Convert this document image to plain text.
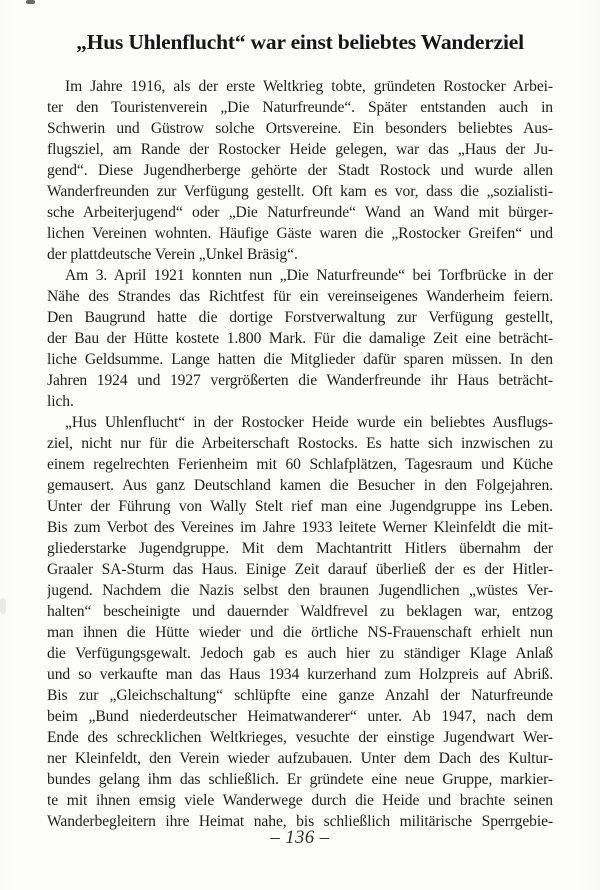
„Hus Uhlenflucht“ war einst beliebtes Wanderziel
Im Jahre 1916, als der erste Weltkrieg tobte, gründeten Rostocker Arbei-
ter den Touristenverein „Die Naturfreunde“. Später entstanden auch in
Schwerin und Güstrow solche Ortsvereine. Ein besonders beliebtes Aus-
flugsziel, am Rande der Rostocker Heide gelegen, war das „Haus der Ju-
gend“. Diese Jugendherberge gehörte der Stadt Rostock und wurde allen
Wanderfreunden zur Verfügung gestellt. Oft kam es vor, dass die „sozialisti-
sche Arbeiterjugend“ oder „Die Naturfreunde“ Wand an Wand mit bürger-
lichen Vereinen wohnten. Häufige Gäste waren die „Rostocker Greifen“ und
der plattdeutsche Verein „Unkel Bräsig“.
Am 3. April 1921 konnten nun „Die Naturfreunde“ bei Torfbrücke in der
Nähe des Strandes das Richtfest für ein vereinseigenes Wanderheim feiern.
Den Baugrund hatte die dortige Forstverwaltung zur Verfügung gestellt,
der Bau der Hütte kostete 1.800 Mark. Für die damalige Zeit eine beträcht-
liche Geldsumme. Lange hatten die Mitglieder dafür sparen müssen. In den
Jahren 1924 und 1927 vergrößerten die Wanderfreunde ihr Haus beträcht-
lich.
„Hus Uhlenflucht“ in der Rostocker Heide wurde ein beliebtes Ausflugs-
ziel, nicht nur für die Arbeiterschaft Rostocks. Es hatte sich inzwischen zu
einem regelrechten Ferienheim mit 60 Schlafplätzen, Tagesraum und Küche
gemausert. Aus ganz Deutschland kamen die Besucher in den Folgejahren.
Unter der Führung von Wally Stelt rief man eine Jugendgruppe ins Leben.
Bis zum Verbot des Vereines im Jahre 1933 leitete Werner Kleinfeldt die mit-
gliederstarke Jugendgruppe. Mit dem Machtantritt Hitlers übernahm der
Graaler SA-Sturm das Haus. Einige Zeit darauf überließ der es der Hitler-
jugend. Nachdem die Nazis selbst den braunen Jugendlichen „wüstes Ver-
halten“ bescheinigte und dauernder Waldfrevel zu beklagen war, entzog
man ihnen die Hütte wieder und die örtliche NS-Frauenschaft erhielt nun
die Verfügungsgewalt. Jedoch gab es auch hier zu ständiger Klage Anlaß
und so verkaufte man das Haus 1934 kurzerhand zum Holzpreis auf Abriß.
Bis zur „Gleichschaltung“ schlüpfte eine ganze Anzahl der Naturfreunde
beim „Bund niederdeutscher Heimatwanderer“ unter. Ab 1947, nach dem
Ende des schrecklichen Weltkrieges, vesuchte der einstige Jugendwart Wer-
ner Kleinfeldt, den Verein wieder aufzubauen. Unter dem Dach des Kultur-
bundes gelang ihm das schließlich. Er gründete eine neue Gruppe, markier-
te mit ihnen emsig viele Wanderwege durch die Heide und brachte seinen
Wanderbegleitern ihre Heimat nahe, bis schließlich militärische Sperrgebie-
– 136 –
